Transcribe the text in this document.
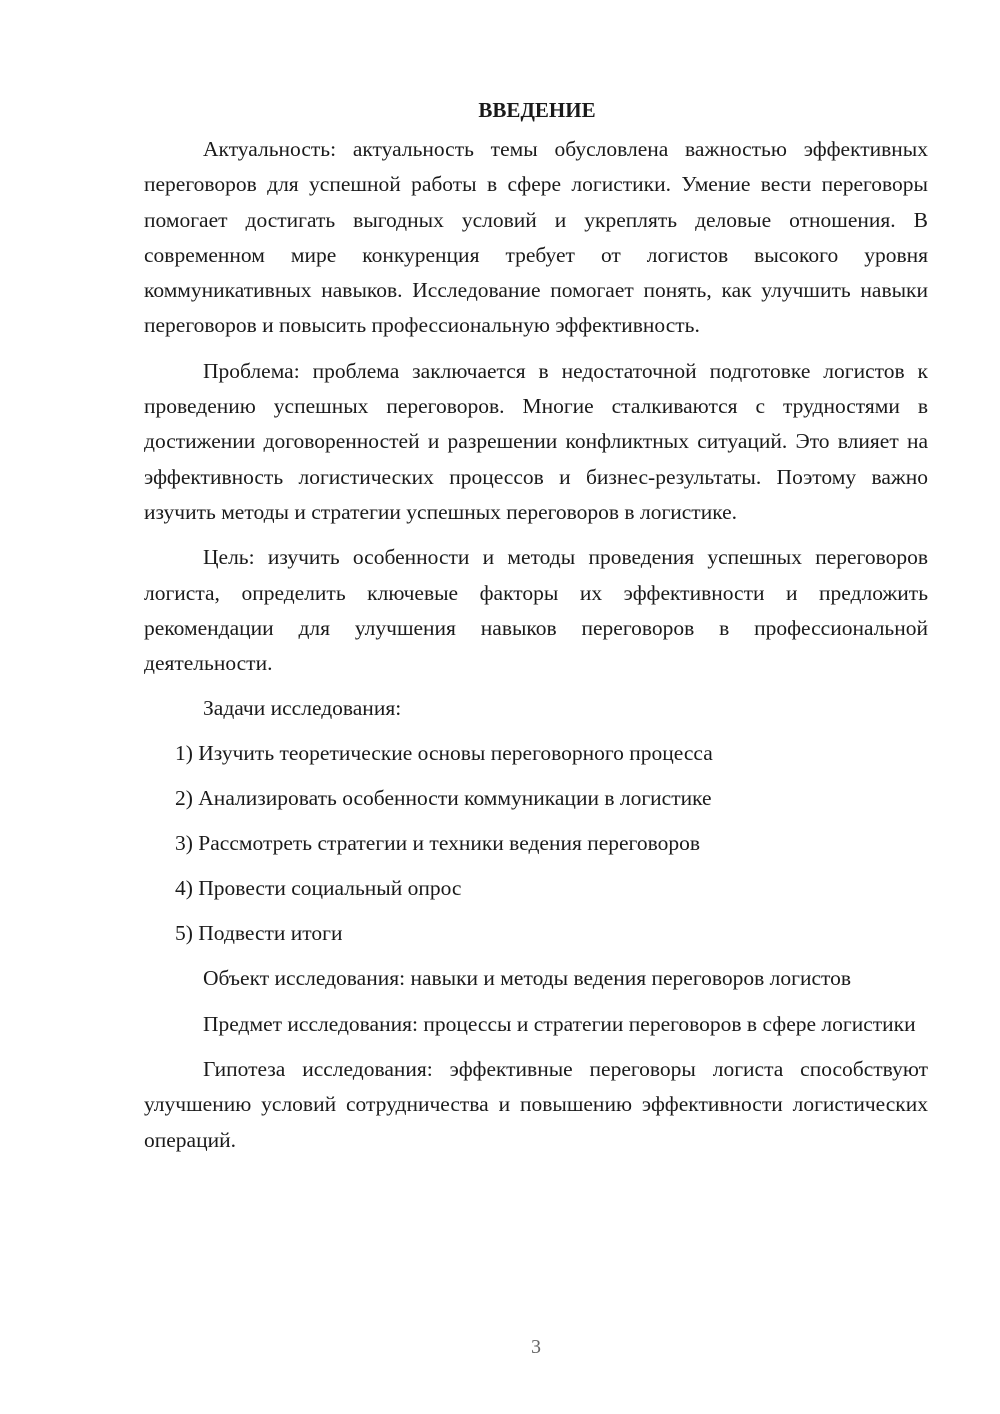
ВВЕДЕНИЕ

Актуальность: актуальность темы обусловлена важностью эффективных переговоров для успешной работы в сфере логистики. Умение вести переговоры помогает достигать выгодных условий и укреплять деловые отношения. В современном мире конкуренция требует от логистов высокого уровня коммуникативных навыков. Исследование помогает понять, как улучшить навыки переговоров и повысить профессиональную эффективность.

Проблема: проблема заключается в недостаточной подготовке логистов к проведению успешных переговоров. Многие сталкиваются с трудностями в достижении договоренностей и разрешении конфликтных ситуаций. Это влияет на эффективность логистических процессов и бизнес-результаты. Поэтому важно изучить методы и стратегии успешных переговоров в логистике.

Цель: изучить особенности и методы проведения успешных переговоров логиста, определить ключевые факторы их эффективности и предложить рекомендации для улучшения навыков переговоров в профессиональной деятельности.

Задачи исследования:

1) Изучить теоретические основы переговорного процесса
2) Анализировать особенности коммуникации в логистике
3) Рассмотреть стратегии и техники ведения переговоров
4) Провести социальный опрос
5) Подвести итоги

Объект исследования: навыки и методы ведения переговоров логистов

Предмет исследования: процессы и стратегии переговоров в сфере логистики

Гипотеза исследования: эффективные переговоры логиста способствуют улучшению условий сотрудничества и повышению эффективности логистических операций.

3
